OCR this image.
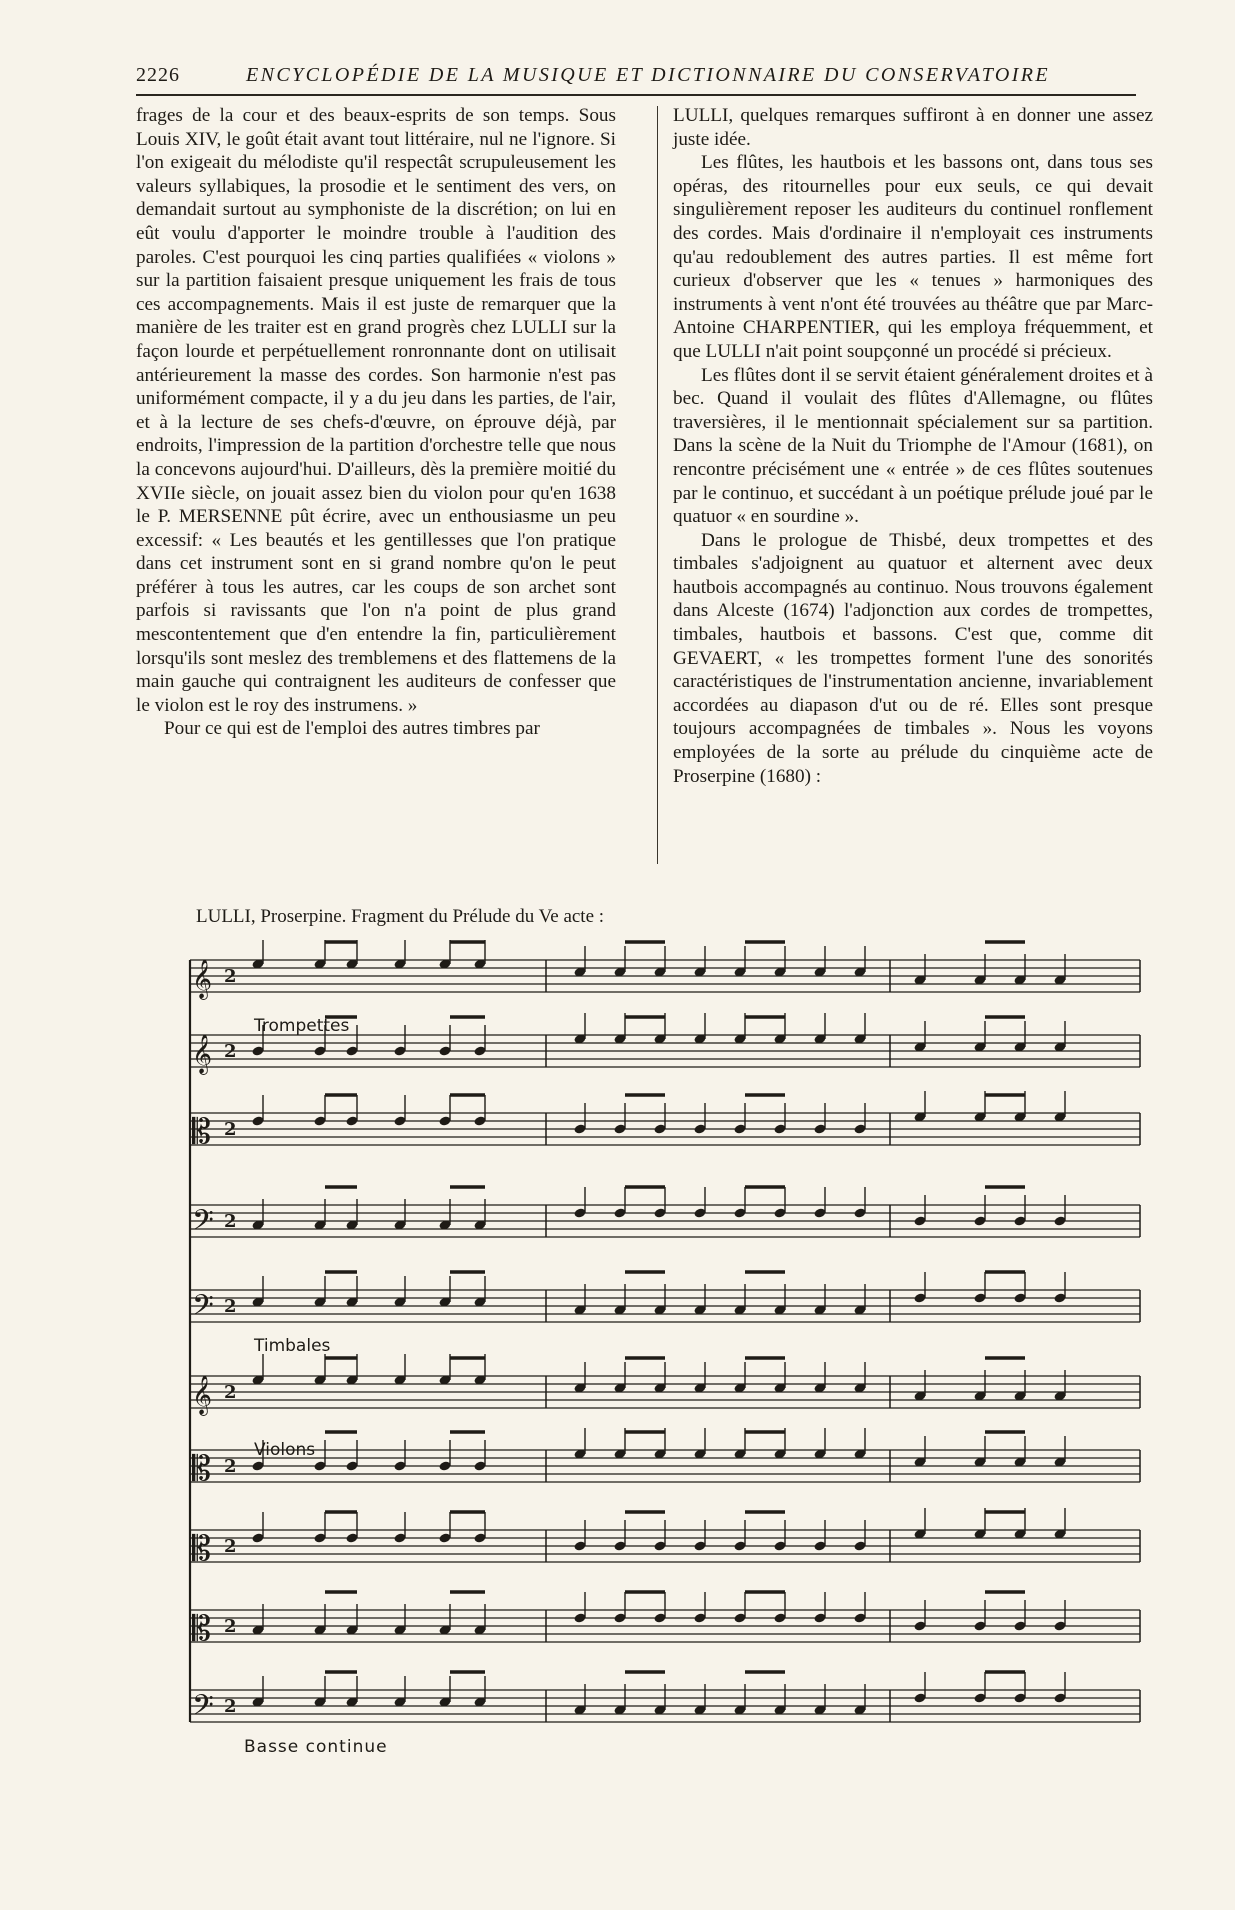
2226	ENCYCLOPÉDIE DE LA MUSIQUE ET DICTIONNAIRE DU CONSERVATOIRE

frages de la cour et des beaux-esprits de son temps. Sous Louis XIV, le goût était avant tout littéraire, nul ne l'ignore. Si l'on exigeait du mélodiste qu'il respectât scrupuleusement les valeurs syllabiques, la prosodie et le sentiment des vers, on demandait surtout au symphoniste de la discrétion; on lui en eût voulu d'apporter le moindre trouble à l'audition des paroles. C'est pourquoi les cinq parties qualifiées « violons » sur la partition faisaient presque uniquement les frais de tous ces accompagnements. Mais il est juste de remarquer que la manière de les traiter est en grand progrès chez LULLI sur la façon lourde et perpétuellement ronronnante dont on utilisait antérieurement la masse des cordes. Son harmonie n'est pas uniformément compacte, il y a du jeu dans les parties, de l'air, et à la lecture de ses chefs-d'œuvre, on éprouve déjà, par endroits, l'impression de la partition d'orchestre telle que nous la concevons aujourd'hui. D'ailleurs, dès la première moitié du XVIIe siècle, on jouait assez bien du violon pour qu'en 1638 le P. MERSENNE pût écrire, avec un enthousiasme un peu excessif: « Les beautés et les gentillesses que l'on pratique dans cet instrument sont en si grand nombre qu'on le peut préférer à tous les autres, car les coups de son archet sont parfois si ravissants que l'on n'a point de plus grand mescontentement que d'en entendre la fin, particulièrement lorsqu'ils sont meslez des tremblemens et des flattemens de la main gauche qui contraignent les auditeurs de confesser que le violon est le roy des instrumens. »

Pour ce qui est de l'emploi des autres timbres par

LULLI, quelques remarques suffiront à en donner une assez juste idée.

Les flûtes, les hautbois et les bassons ont, dans tous ses opéras, des ritournelles pour eux seuls, ce qui devait singulièrement reposer les auditeurs du continuel ronflement des cordes. Mais d'ordinaire il n'employait ces instruments qu'au redoublement des autres parties. Il est même fort curieux d'observer que les « tenues » harmoniques des instruments à vent n'ont été trouvées au théâtre que par Marc-Antoine CHARPENTIER, qui les employa fréquemment, et que LULLI n'ait point soupçonné un procédé si précieux.

Les flûtes dont il se servit étaient généralement droites et à bec. Quand il voulait des flûtes d'Allemagne, ou flûtes traversières, il le mentionnait spécialement sur sa partition. Dans la scène de la Nuit du Triomphe de l'Amour (1681), on rencontre précisément une « entrée » de ces flûtes soutenues par le continuo, et succédant à un poétique prélude joué par le quatuor « en sourdine ».

Dans le prologue de Thisbé, deux trompettes et des timbales s'adjoignent au quatuor et alternent avec deux hautbois accompagnés au continuo. Nous trouvons également dans Alceste (1674) l'adjonction aux cordes de trompettes, timbales, hautbois et bassons. C'est que, comme dit GEVAERT, « les trompettes forment l'une des sonorités caractéristiques de l'instrumentation ancienne, invariablement accordées au diapason d'ut ou de ré. Elles sont presque toujours accompagnées de timbales ». Nous les voyons employées de la sorte au prélude du cinquième acte de Proserpine (1680) :

LULLI, Proserpine. Fragment du Prélude du Ve acte :
𝄞 2
𝄞 2
𝄡 2
𝄢 2
𝄢 2
𝄞 2
𝄡 2
𝄡 2
𝄡 2
𝄢 2
Trompettes
Timbales
Violons
Basse continue
